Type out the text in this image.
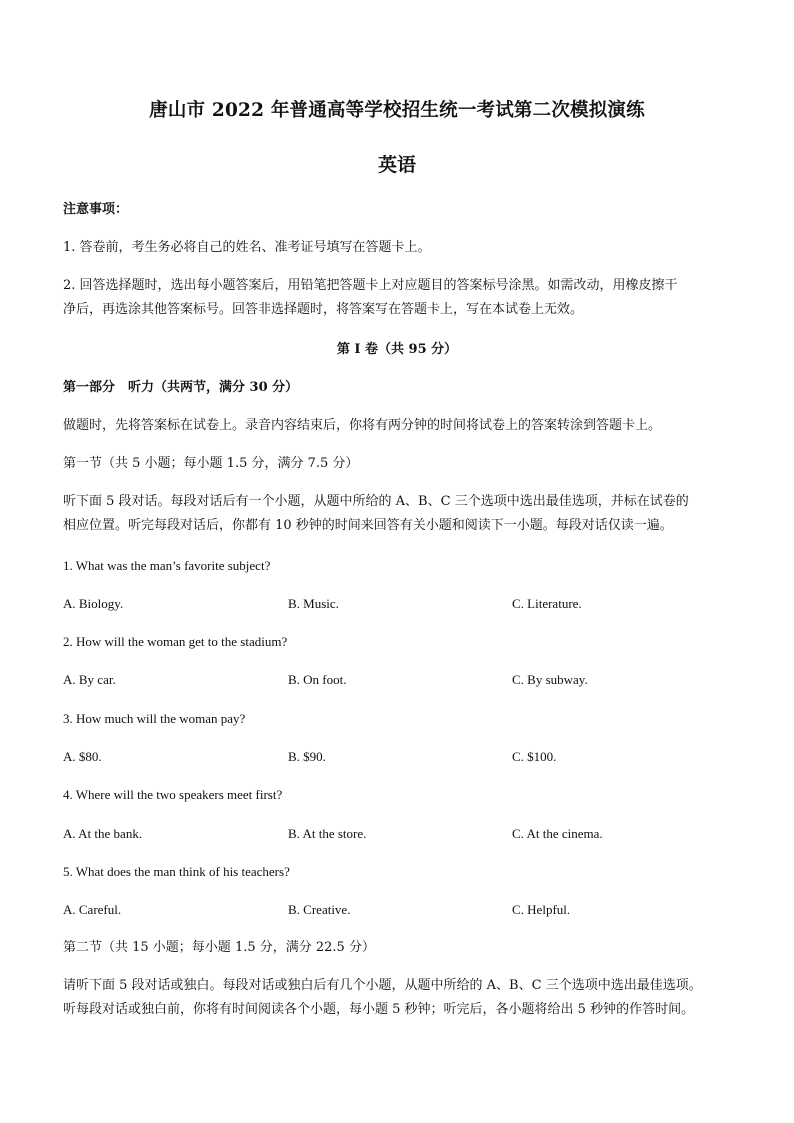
唐山市 2022 年普通高等学校招生统一考试第二次模拟演练
英语
注意事项：
1. 答卷前，考生务必将自己的姓名、准考证号填写在答题卡上。
2. 回答选择题时，选出每小题答案后，用铅笔把答题卡上对应题目的答案标号涂黑。如需改动，用橡皮擦干
净后，再选涂其他答案标号。回答非选择题时，将答案写在答题卡上，写在本试卷上无效。
第 I 卷（共 95 分）
第一部分　听力（共两节，满分 30 分）
做题时，先将答案标在试卷上。录音内容结束后，你将有两分钟的时间将试卷上的答案转涂到答题卡上。
第一节（共 5 小题；每小题 1.5 分，满分 7.5 分）
听下面 5 段对话。每段对话后有一个小题，从题中所给的 A、B、C 三个选项中选出最佳选项，并标在试卷的
相应位置。听完每段对话后，你都有 10 秒钟的时间来回答有关小题和阅读下一小题。每段对话仅读一遍。
1. What was the man’s favorite subject?
A. Biology.	B. Music.	C. Literature.
2. How will the woman get to the stadium?
A. By car.	B. On foot.	C. By subway.
3. How much will the woman pay?
A. $80.	B. $90.	C. $100.
4. Where will the two speakers meet first?
A. At the bank.	B. At the store.	C. At the cinema.
5. What does the man think of his teachers?
A. Careful.	B. Creative.	C. Helpful.
第二节（共 15 小题；每小题 1.5 分，满分 22.5 分）
请听下面 5 段对话或独白。每段对话或独白后有几个小题，从题中所给的 A、B、C 三个选项中选出最佳选项。
听每段对话或独白前，你将有时间阅读各个小题，每小题 5 秒钟；听完后，各小题将给出 5 秒钟的作答时间。
